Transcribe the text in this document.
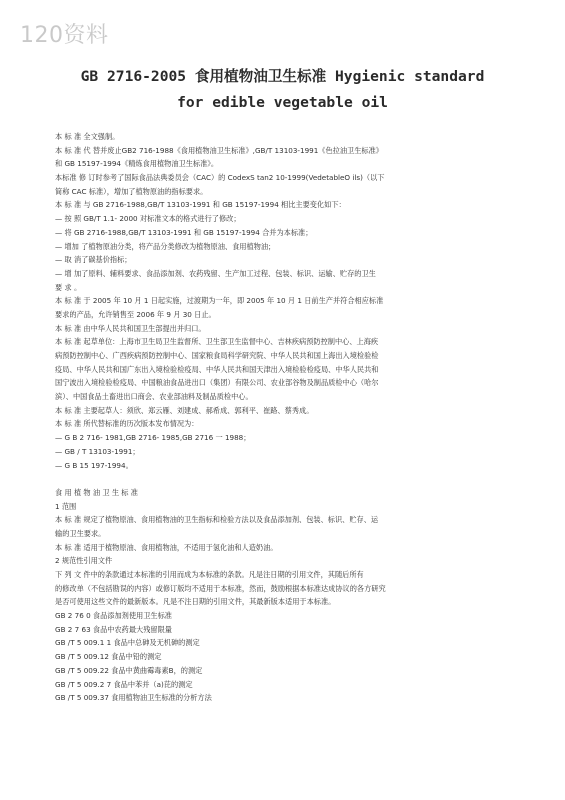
120资料
GB 2716-2005 食用植物油卫生标准 Hygienic standard
for edible vegetable oil
本 标 准 全文强制。
本 标 准 代 替并废止GB2 716-1988《食用植物油卫生标准》,GB/T 13103-1991《色拉油卫生标准》
和 GB 15197-1994《精炼食用植物油卫生标准》。
本标准 修 订时参考了国际食品法典委员会（CAC）的 CodexS tan2 10-1999(VedetableO ils)（以下
简称 CAC 标准），增加了植物原油的指标要求。
本 标 准 与 GB 2716-1988,GB/T 13103-1991 和 GB 15197-1994 相比主要变化如下：
— 按 照 GB/T 1.1- 2000 对标准文本的格式进行了修改；
— 将 GB 2716-1988,GB/T 13103-1991 和 GB 15197-1994 合并为本标准；
— 增加 了植物原油分类，将产品分类修改为植物原油、食用植物油；
— 取 消了碳基价指标；
— 增 加了原料、辅料要求、食品添加剂、农药残留、生产加工过程、包装、标识、运输、贮存的卫生
要 求 。
本 标 准 于 2005 年 10 月 1 日起实施，过渡期为一年，即 2005 年 10 月 1 日前生产并符合相应标准
要求的产品，允许销售至 2006 年 9 月 30 日止。
本 标 准 由中华人民共和国卫生部提出并归口。
本 标 准 起草单位：上海市卫生局卫生监督所、卫生部卫生监督中心、吉林疾病预防控制中心、上海疾
病预防控制中心、广西疾病预防控制中心、国家粮食局科学研究院、中华人民共和国上海出入境检验检
疫局、中华人民共和国广东出入境检验检疫局、中华人民共和国天津出入境检验检疫局、中华人民共和
国宁波出入境检验检疫局、中国粮油食品进出口（集团）有限公司、农业部谷物及制品质检中心（哈尔
滨）、中国食品土畜进出口商会、农业部油料及制品质检中心。
本 标 准 主要起草人：须欣、郑云雁、刘建成、郝希成、郭利平、崔路、蔡秀成。
本 标 准 所代替标准的历次版本发布情况为：
— G B 2 716- 1981,GB 2716- 1985,GB 2716 一 1988；
— GB / T 13103-1991；
— G B 15 197-1994。
食 用 植 物 油 卫 生 标 准
1 范围
本 标 准 规定了植物原油、食用植物油的卫生指标和检验方法以及食品添加剂、包装、标识、贮存、运
输的卫生要求。
本 标 准 适用于植物原油、食用植物油，不适用于氢化油和人造奶油。
2 规范性引用文件
下 列 文 件中的条款通过本标准的引用而成为本标准的条款。凡是注日期的引用文件，其随后所有
的修改单（不包括勘误的内容）或修订版均不适用于本标准，然而，鼓励根据本标准达成协议的各方研究
是否可使用这些文件的最新版本。凡是不注日期的引用文件，其最新版本适用于本标准。
GB 2 76 0 食品添加剂使用卫生标准
GB 2 7 63 食品中农药最大残留限量
GB /T 5 009.1 1 食品中总砷及无机砷的测定
GB /T 5 009.12 食品中铅的测定
GB /T 5 009.22 食品中黄曲霉毒素B，的测定
GB /T 5 009.2 7 食品中苯并（a)芘的测定
GB /T 5 009.37 食用植物油卫生标准的分析方法
